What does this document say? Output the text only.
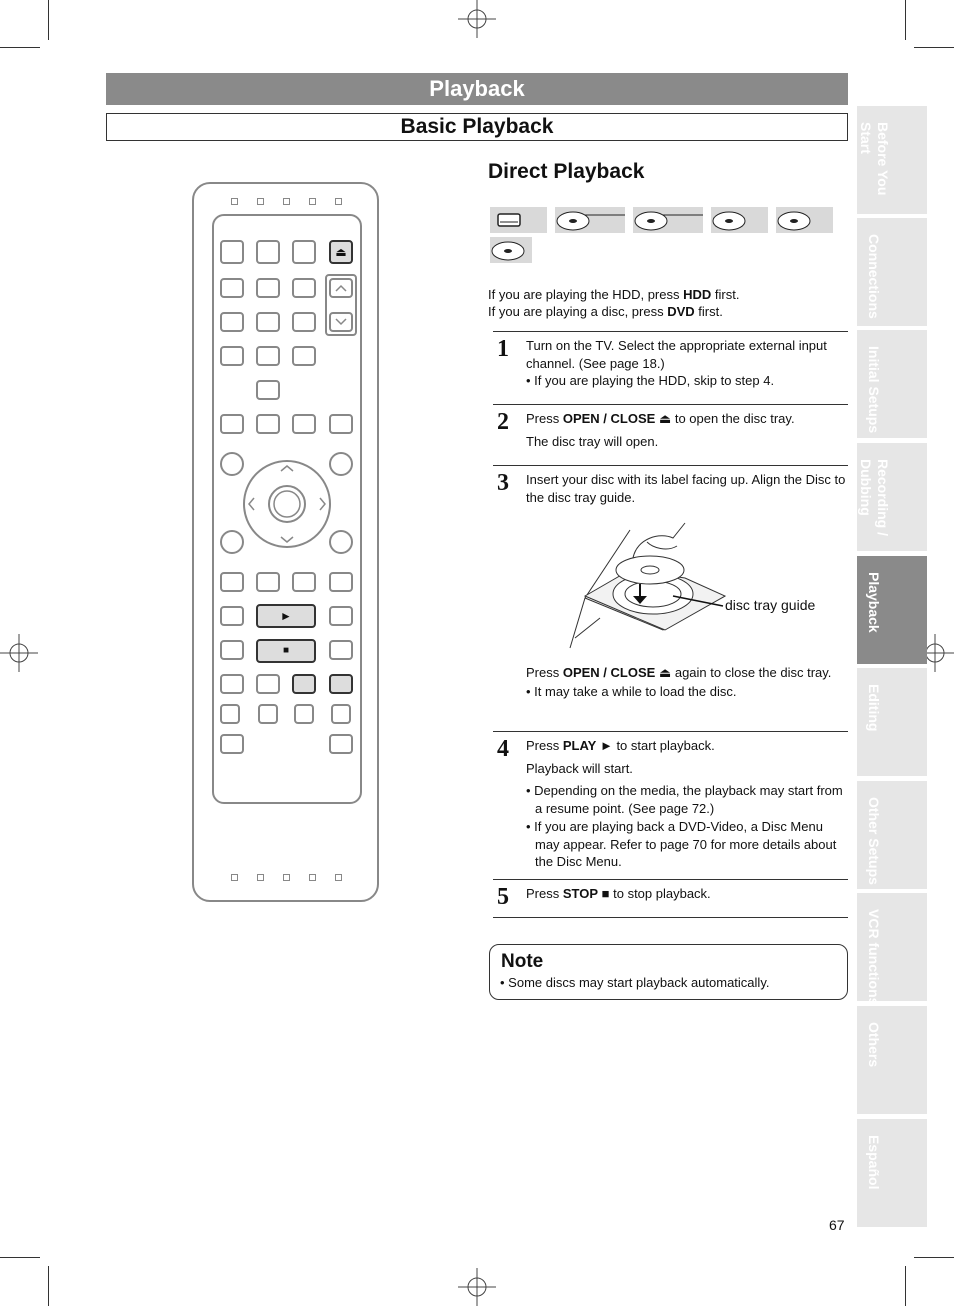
Playback
Basic Playback	Before You
Start
Connections
Initial Setups
Recording /
Dubbing
Playback
Editing
Other Setups
VCR functions
Others
Español
⏏
►
■
Direct Playback
If you are playing the HDD, press HDD first.
If you are playing a disc, press DVD first.
1 Turn on the TV. Select the appropriate external input channel. (See page 18.)

• If you are playing the HDD, skip to step 4.

2 Press OPEN / CLOSE ⏏ to open the disc tray.

The disc tray will open.

3 Insert your disc with its label facing up. Align the Disc to the disc tray guide.

Press OPEN / CLOSE ⏏ again to close the disc tray.

• It may take a while to load the disc.

disc tray guide
4 Press PLAY ► to start playback.

Playback will start.

• Depending on the media, the playback may start from a resume point. (See page 72.)

• If you are playing back a DVD-Video, a Disc Menu may appear. Refer to page 70 for more details about the Disc Menu.

5 Press STOP ■ to stop playback.

Note
• Some discs may start playback automatically.
67
